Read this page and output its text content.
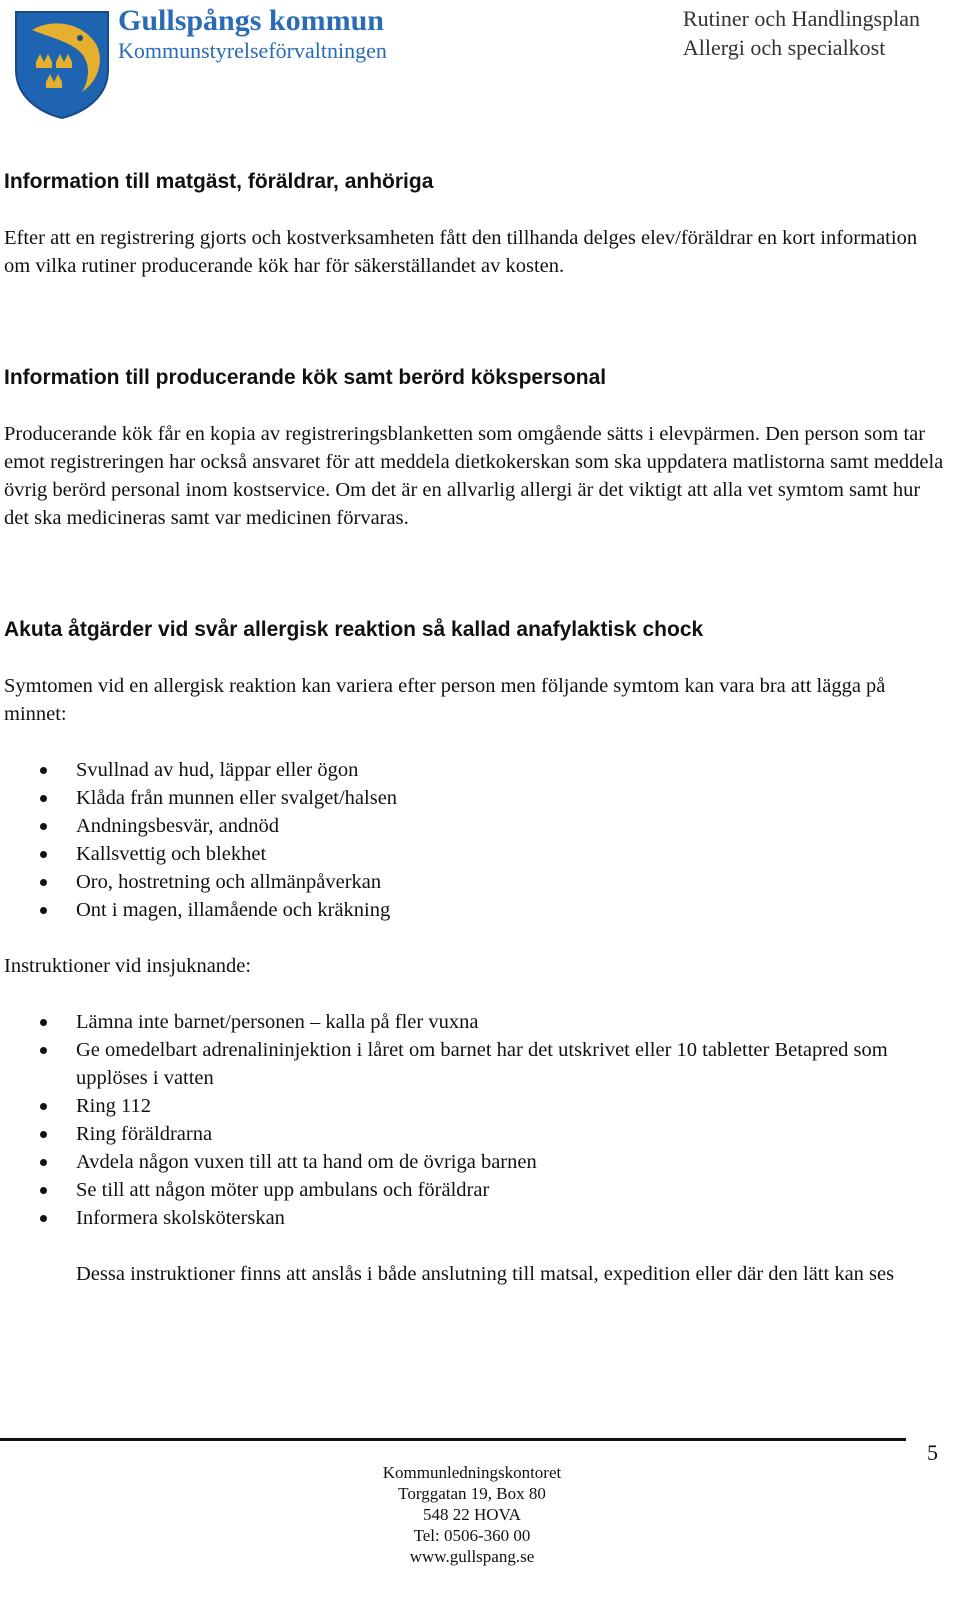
Gullspångs kommun
Kommunstyrelseförvaltningen
Rutiner och Handlingsplan
Allergi och specialkost
Information till matgäst, föräldrar, anhöriga

Efter att en registrering gjorts och kostverksamheten fått den tillhanda delges elev/föräldrar en kort information om vilka rutiner producerande kök har för säkerställandet av kosten.

Information till producerande kök samt berörd kökspersonal

Producerande kök får en kopia av registreringsblanketten som omgående sätts i elevpärmen. Den person som tar emot registreringen har också ansvaret för att meddela dietkokerskan som ska uppdatera matlistorna samt meddela övrig berörd personal inom kostservice. Om det är en allvarlig allergi är det viktigt att alla vet symtom samt hur det ska medicineras samt var medicinen förvaras.

Akuta åtgärder vid svår allergisk reaktion så kallad anafylaktisk chock

Symtomen vid en allergisk reaktion kan variera efter person men följande symtom kan vara bra att lägga på minnet:

Svullnad av hud, läppar eller ögon
Klåda från munnen eller svalget/halsen
Andningsbesvär, andnöd
Kallsvettig och blekhet
Oro, hostretning och allmänpåverkan
Ont i magen, illamående och kräkning

Instruktioner vid insjuknande:

Lämna inte barnet/personen – kalla på fler vuxna
Ge omedelbart adrenalininjektion i låret om barnet har det utskrivet eller 10 tabletter Betapred som upplöses i vatten
Ring 112
Ring föräldrarna
Avdela någon vuxen till att ta hand om de övriga barnen
Se till att någon möter upp ambulans och föräldrar
Informera skolsköterskan

Dessa instruktioner finns att anslås i både anslutning till matsal, expedition eller där den lätt kan ses

5
Kommunledningskontoret
Torggatan 19, Box 80
548 22 HOVA
Tel: 0506-360 00
www.gullspang.se
